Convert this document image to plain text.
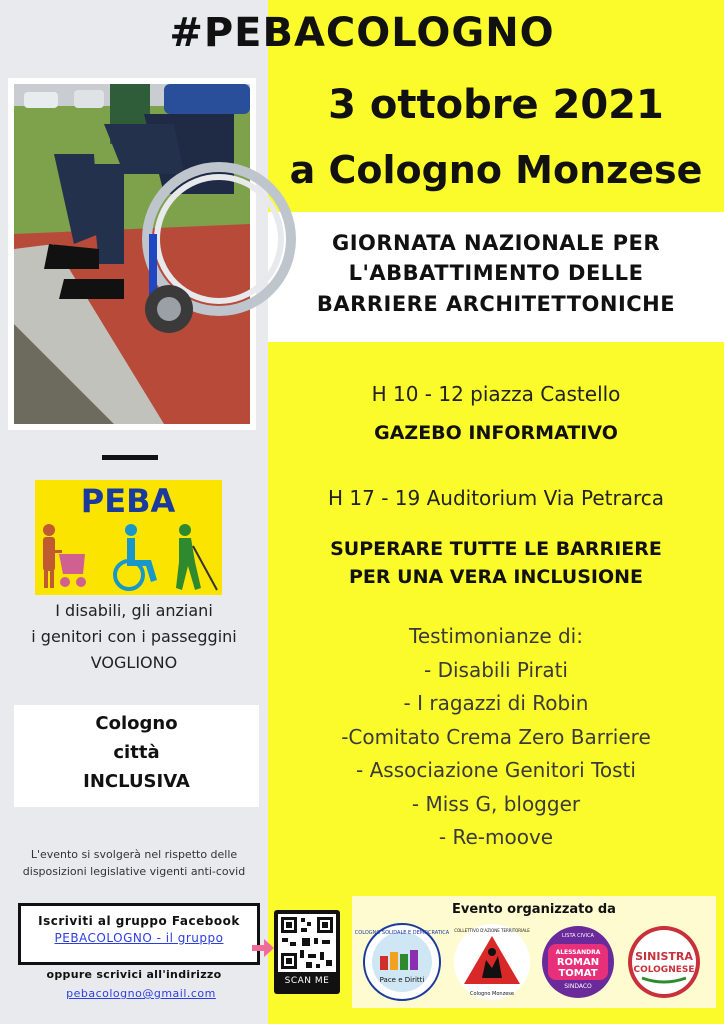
#PEBACOLOGNO
3 ottobre 2021
a Cologno Monzese
GIORNATA NAZIONALE PER
L'ABBATTIMENTO DELLE
BARRIERE ARCHITETTONICHE
H 10 - 12 piazza Castello
GAZEBO INFORMATIVO
H 17 - 19 Auditorium Via Petrarca
SUPERARE TUTTE LE BARRIERE
PER UNA VERA INCLUSIONE
Testimonianze di:
- Disabili Pirati
- I ragazzi di Robin
-Comitato Crema Zero Barriere
- Associazione Genitori Tosti
- Miss G, blogger
- Re-moove
PEBA
I disabili, gli anziani
i genitori con i passeggini
VOGLIONO
Cologno
città
INCLUSIVA
L'evento si svolgerà nel rispetto delle
disposizioni legislative vigenti anti-covid
Iscriviti al gruppo Facebook
PEBACOLOGNO - il gruppo
oppure scrivici all'indirizzo
pebacologno@gmail.com
SCAN ME
Evento organizzato da
COLOGNO SOLIDALE E DEMOCRATICA
Pace e Diritti
COLLETTIVO D'AZIONE TERRITORIALE
Cologno Monzese
LISTA CIVICA
ALESSANDRA
ROMAN
TOMAT
SINDACO
SINISTRA
COLOGNESE
